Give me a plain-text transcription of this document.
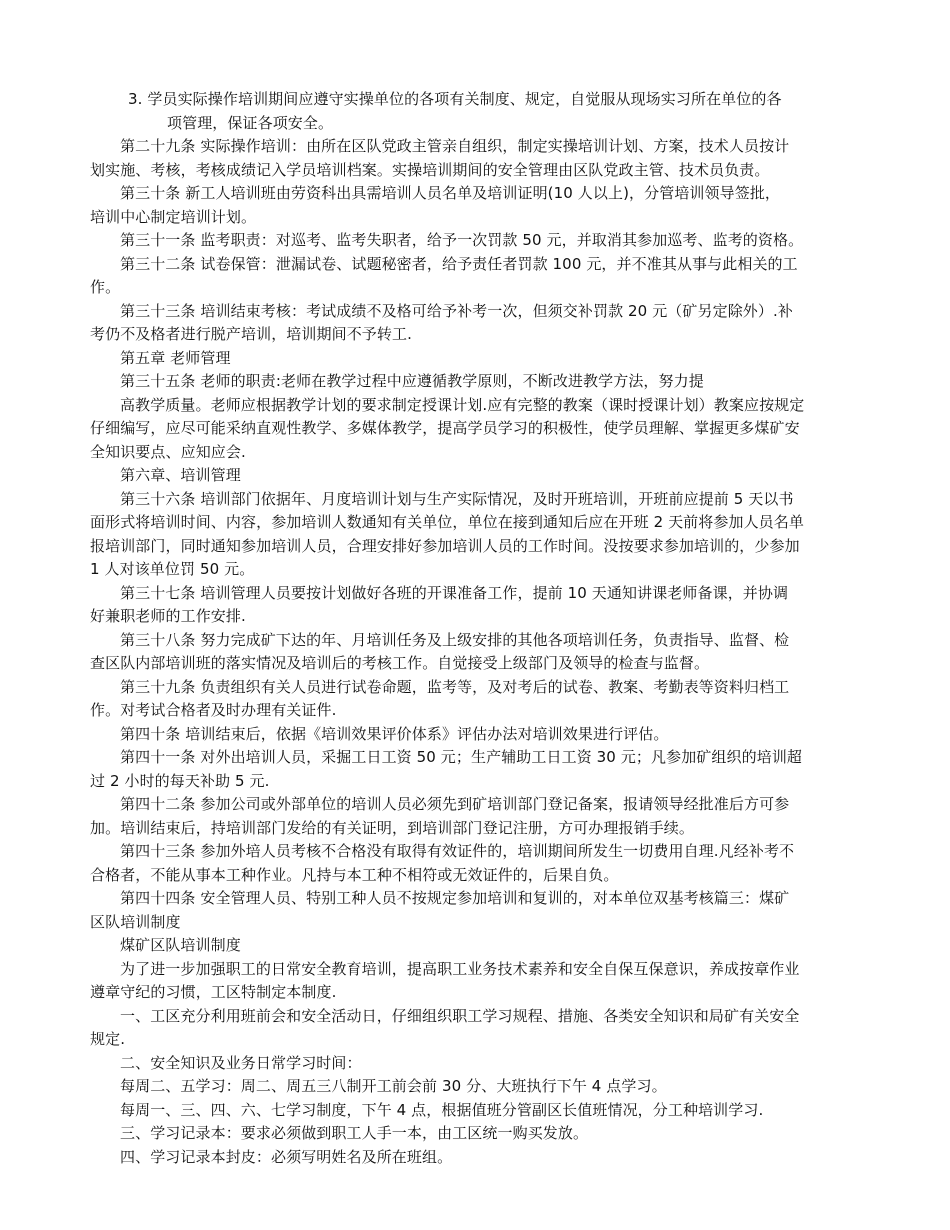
3. 学员实际操作培训期间应遵守实操单位的各项有关制度、规定，自觉服从现场实习所在单位的各
项管理，保证各项安全。
第二十九条 实际操作培训：由所在区队党政主管亲自组织，制定实操培训计划、方案，技术人员按计
划实施、考核，考核成绩记入学员培训档案。实操培训期间的安全管理由区队党政主管、技术员负责。
第三十条 新工人培训班由劳资科出具需培训人员名单及培训证明(10 人以上)，分管培训领导签批，
培训中心制定培训计划。
第三十一条 监考职责：对巡考、监考失职者，给予一次罚款 50 元，并取消其参加巡考、监考的资格。
第三十二条 试卷保管：泄漏试卷、试题秘密者，给予责任者罚款 100 元，并不准其从事与此相关的工
作。
第三十三条 培训结束考核：考试成绩不及格可给予补考一次，但须交补罚款 20 元（矿另定除外）.补
考仍不及格者进行脱产培训，培训期间不予转工.
第五章 老师管理
第三十五条 老师的职责:老师在教学过程中应遵循教学原则，不断改进教学方法，努力提
高教学质量。老师应根据教学计划的要求制定授课计划.应有完整的教案（课时授课计划）教案应按规定
仔细编写，应尽可能采纳直观性教学、多媒体教学，提高学员学习的积极性，使学员理解、掌握更多煤矿安
全知识要点、应知应会.
第六章、培训管理
第三十六条 培训部门依据年、月度培训计划与生产实际情况，及时开班培训，开班前应提前 5 天以书
面形式将培训时间、内容，参加培训人数通知有关单位，单位在接到通知后应在开班 2 天前将参加人员名单
报培训部门，同时通知参加培训人员，合理安排好参加培训人员的工作时间。没按要求参加培训的，少参加
1 人对该单位罚 50 元。
第三十七条 培训管理人员要按计划做好各班的开课准备工作，提前 10 天通知讲课老师备课，并协调
好兼职老师的工作安排.
第三十八条 努力完成矿下达的年、月培训任务及上级安排的其他各项培训任务，负责指导、监督、检
查区队内部培训班的落实情况及培训后的考核工作。自觉接受上级部门及领导的检查与监督。
第三十九条 负责组织有关人员进行试卷命题，监考等，及对考后的试卷、教案、考勤表等资料归档工
作。对考试合格者及时办理有关证件.
第四十条 培训结束后，依据《培训效果评价体系》评估办法对培训效果进行评估。
第四十一条 对外出培训人员，采掘工日工资 50 元；生产辅助工日工资 30 元；凡参加矿组织的培训超
过 2 小时的每天补助 5 元.
第四十二条 参加公司或外部单位的培训人员必须先到矿培训部门登记备案，报请领导经批准后方可参
加。培训结束后，持培训部门发给的有关证明，到培训部门登记注册，方可办理报销手续。
第四十三条 参加外培人员考核不合格没有取得有效证件的，培训期间所发生一切费用自理.凡经补考不
合格者，不能从事本工种作业。凡持与本工种不相符或无效证件的，后果自负。
第四十四条 安全管理人员、特别工种人员不按规定参加培训和复训的，对本单位双基考核篇三：煤矿
区队培训制度
煤矿区队培训制度
为了进一步加强职工的日常安全教育培训，提高职工业务技术素养和安全自保互保意识，养成按章作业
遵章守纪的习惯，工区特制定本制度.
一、工区充分利用班前会和安全活动日，仔细组织职工学习规程、措施、各类安全知识和局矿有关安全
规定.
二、安全知识及业务日常学习时间：
每周二、五学习：周二、周五三八制开工前会前 30 分、大班执行下午 4 点学习。
每周一、三、四、六、七学习制度，下午 4 点，根据值班分管副区长值班情况，分工种培训学习.
三、学习记录本：要求必须做到职工人手一本，由工区统一购买发放。
四、学习记录本封皮：必须写明姓名及所在班组。
